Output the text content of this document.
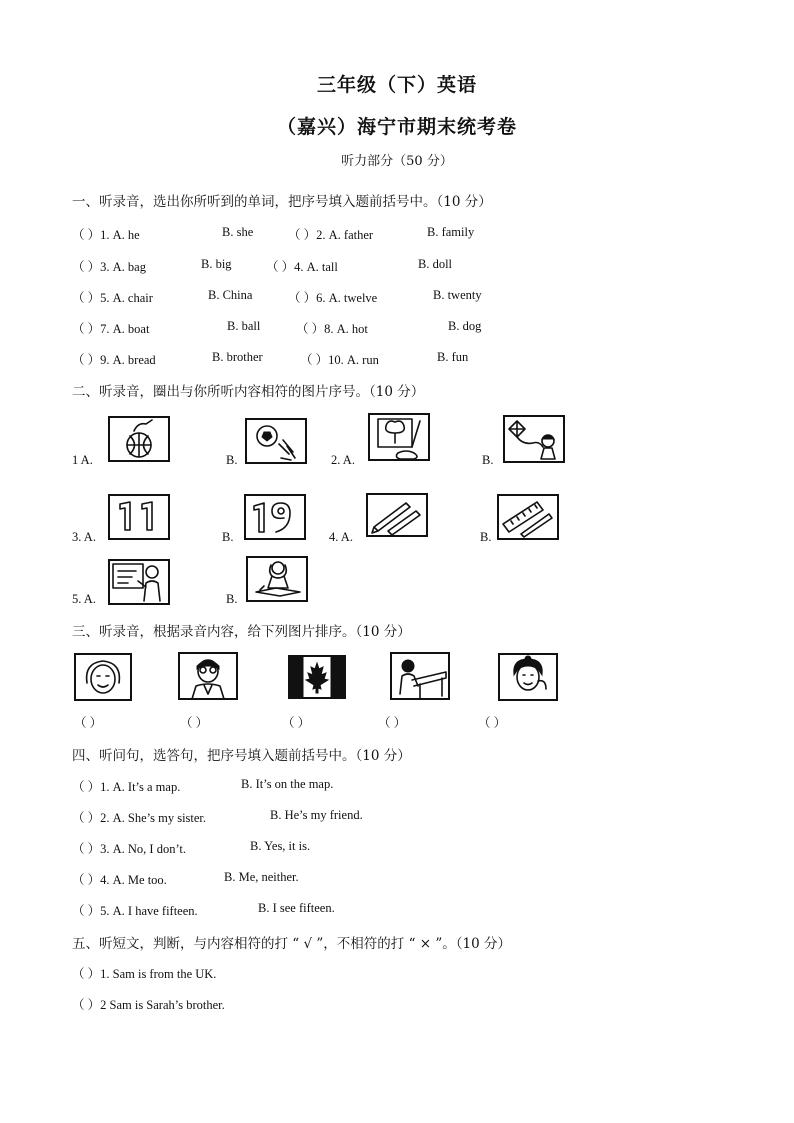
三年级（下）英语
（嘉兴）海宁市期末统考卷
听力部分（50 分）
一、听录音，选出你所听到的单词，把序号填入题前括号中。（10 分）
（ ）1. A. he	B. she	（ ）2. A. father	B. family
（ ）3. A. bag	B. big	（ ）4. A. tall	B. doll
（ ）5. A. chair	B. China	（ ）6. A. twelve	B. twenty
（ ）7. A. boat	B. ball	（ ）8. A. hot	B. dog
（ ）9. A. bread	B. brother	（ ）10. A. run	B. fun
二、听录音，圈出与你所听内容相符的图片序号。（10 分）
1 A.	B.	2. A.	B.
3. A.	B.	4. A.	B.
5. A.	B.
三、听录音，根据录音内容，给下列图片排序。（10 分）
（ ）	（ ）	（ ）	（ ）	（ ）
四、听问句，选答句，把序号填入题前括号中。（10 分）
（ ）1. A. It’s a map.	B. It’s on the map.
（ ）2. A. She’s my sister.	B. He’s my friend.
（ ）3. A. No, I don’t.	B. Yes, it is.
（ ）4. A. Me too.	B. Me, neither.
（ ）5. A. I have fifteen.	B. I see fifteen.
五、听短文，判断，与内容相符的打 “ √ ”，不相符的打 “ × ”。（10 分）
（ ）1. Sam is from the UK.
（ ）2 Sam is Sarah’s brother.
